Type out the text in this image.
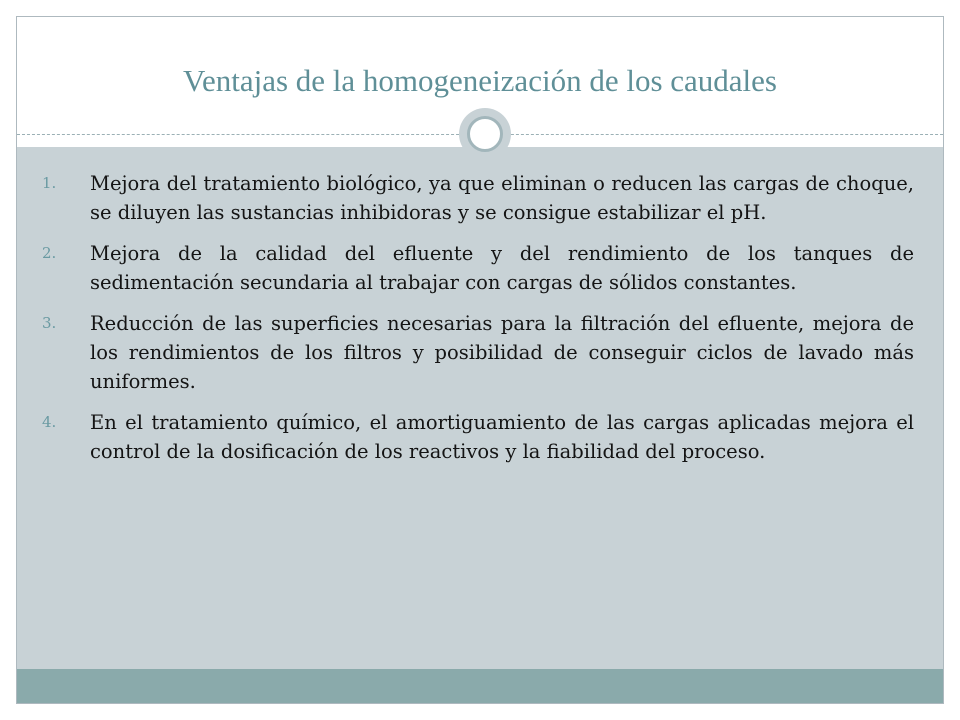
Ventajas de la homogeneización de los caudales
1. Mejora del tratamiento biológico, ya que eliminan o reducen las cargas de choque, se diluyen las sustancias inhibidoras y se consigue estabilizar el pH.
2. Mejora de la calidad del efluente y del rendimiento de los tanques de sedimentación secundaria al trabajar con cargas de sólidos constantes.
3. Reducción de las superficies necesarias para la filtración del efluente, mejora de los rendimientos de los filtros y posibilidad de conseguir ciclos de lavado más uniformes.
4. En el tratamiento químico, el amortiguamiento de las cargas aplicadas mejora el control de la dosificación de los reactivos y la fiabilidad del proceso.
